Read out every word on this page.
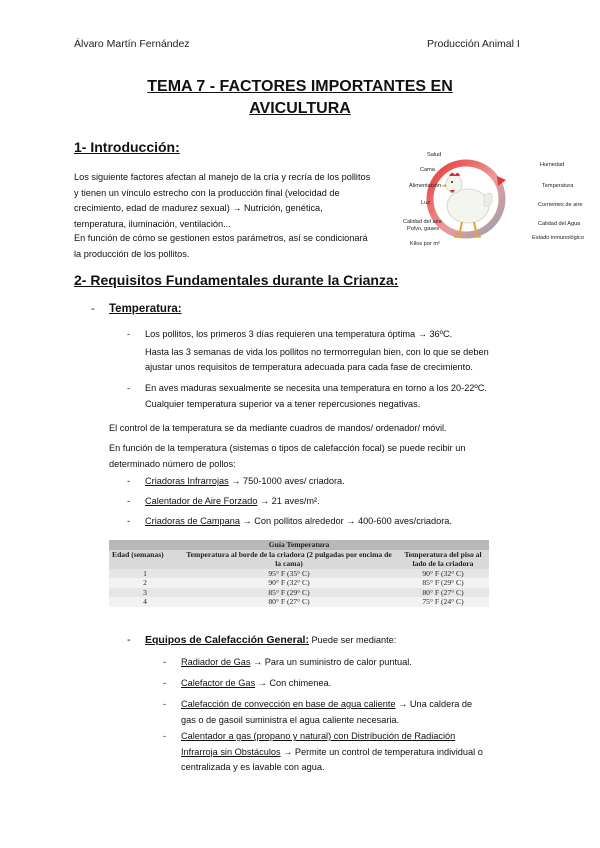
Álvaro Martín Fernández	Producción Animal I
TEMA 7 - FACTORES IMPORTANTES EN
AVICULTURA
1- Introducción:
Los siguiente factores afectan al manejo de la cría y recría de los pollitos
y tienen un vínculo estrecho con la producción final (velocidad de
crecimiento, edad de madurez sexual) → Nutrición, genética,
temperatura, iluminación, ventilación...
En función de cómo se gestionen estos parámetros, así se condicionará
la producción de los pollitos.
Salud
Cama
Alimentación
Luz
Calidad del aire
Polvo, gases
Kilos por m²
Humedad
Temperatura
Corrientes de aire
Calidad del Agua
Estado inmunológico
2- Requisitos Fundamentales durante la Crianza:
- Temperatura:
- Los pollitos, los primeros 3 días requieren una temperatura óptima → 36ºC.
Hasta las 3 semanas de vida los pollitos no termorregulan bien, con lo que se deben
ajustar unos requisitos de temperatura adecuada para cada fase de crecimiento.
- En aves maduras sexualmente se necesita una temperatura en torno a los 20-22ºC.
Cualquier temperatura superior va a tener repercusiones negativas.
El control de la temperatura se da mediante cuadros de mandos/ ordenador/ móvil.
En función de la temperatura (sistemas o tipos de calefacción focal) se puede recibir un
determinado número de pollos:
- Criadoras Infrarrojas → 750-1000 aves/ criadora.
- Calentador de Aire Forzado → 21 aves/m².
- Criadoras de Campana → Con pollitos alrededor → 400-600 aves/criadora.
Guía Temperatura		
Edad (semanas)	Temperatura al borde de la criadora (2 pulgadas por encima de la cama)	Temperatura del piso al lado de la criadora
1	95° F (35° C)	90° F (32° C)
2	90° F (32° C)	85° F (29° C)
3	85° F (29° C)	80° F (27° C)
4	80° F (27° C)	75° F (24° C)
- Equipos de Calefacción General: Puede ser mediante:
- Radiador de Gas → Para un suministro de calor puntual.
- Calefactor de Gas → Con chimenea.
- Calefacción de convección en base de agua caliente → Una caldera de
gas o de gasoil suministra el agua caliente necesaria.
- Calentador a gas (propano y natural) con Distribución de Radiación
Infrarroja sin Obstáculos → Permite un control de temperatura individual o
centralizada y es lavable con agua.
